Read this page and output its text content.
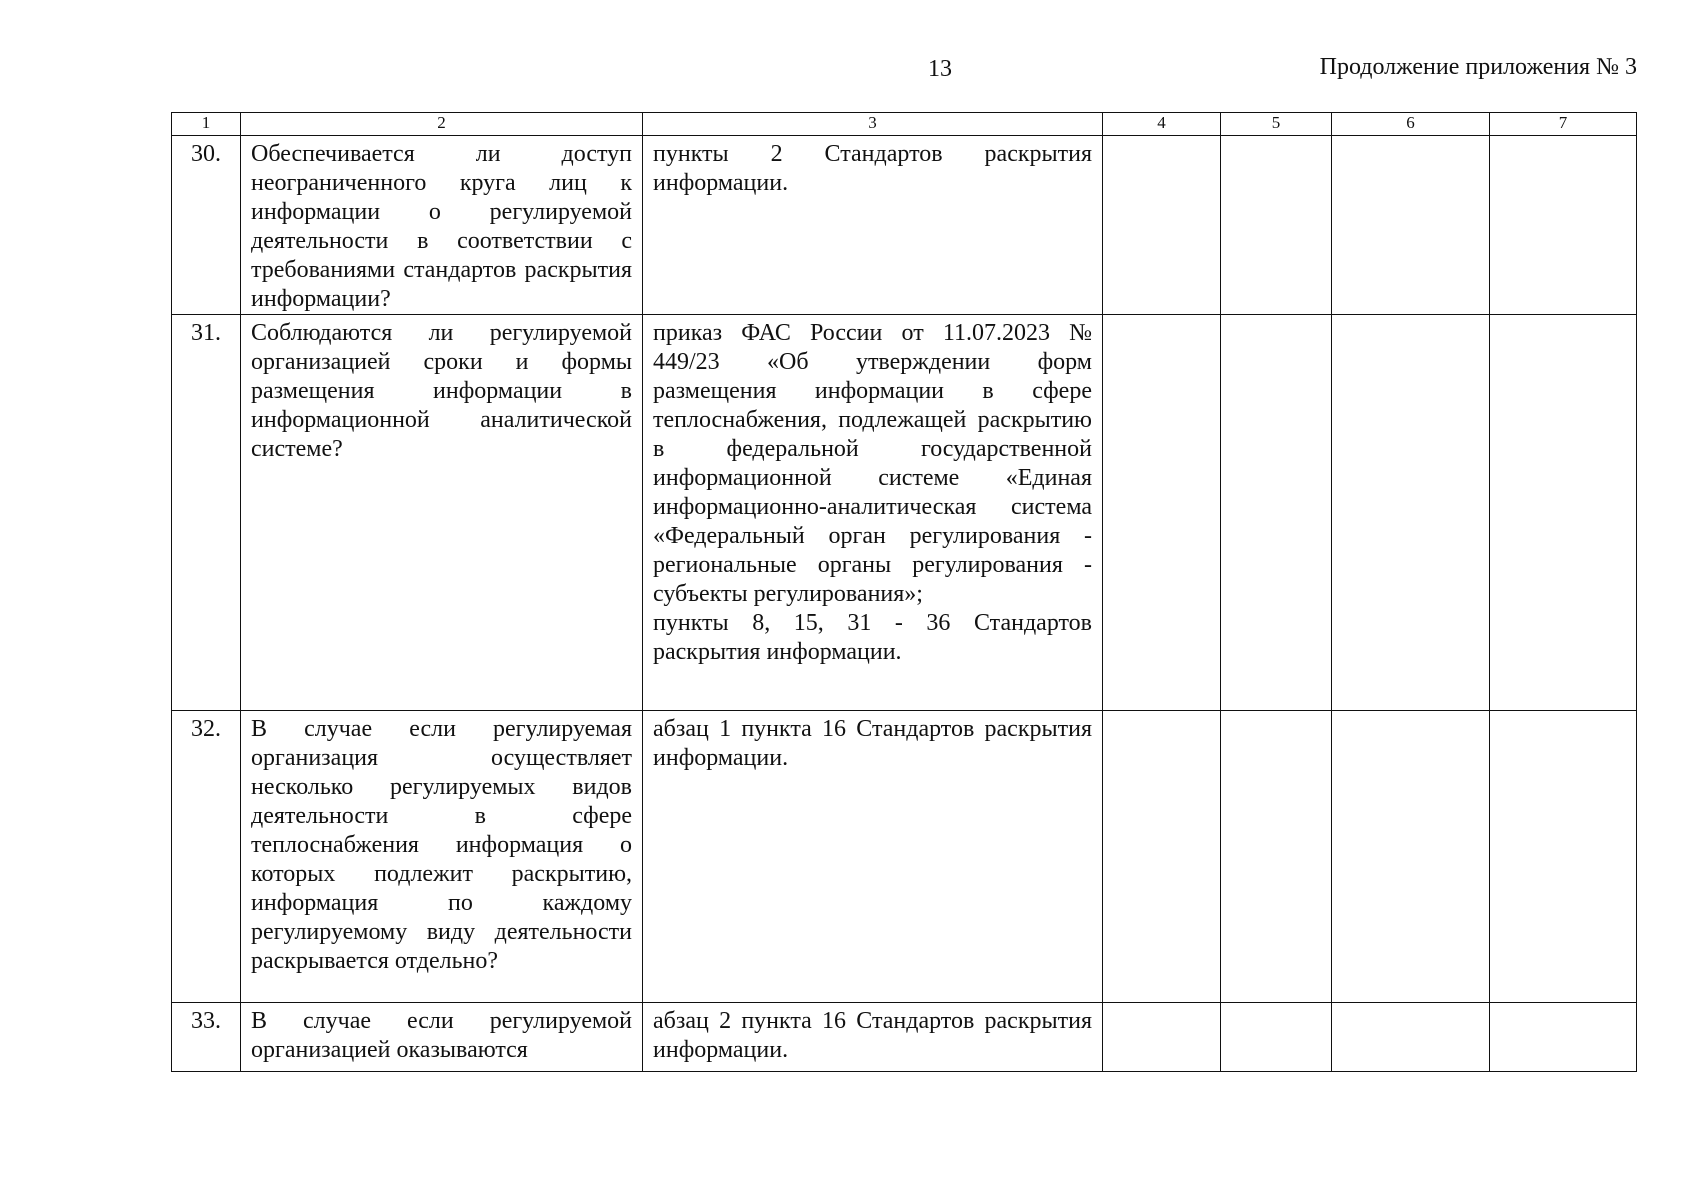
13	Продолжение приложения № 3
1	2	3	4	5	6	7
30.	Обеспечивается ли доступ неограниченного круга лиц к информации о регулируемой деятельности в соответствии с требованиями стандартов раскрытия информации?	пункты 2 Стандартов раскрытия информации.				
31.	Соблюдаются ли регулируемой организацией сроки и формы размещения информации в информационной аналитической системе?	приказ ФАС России от 11.07.2023 № 449/23 «Об утверждении форм размещения информации в сфере теплоснабжения, подлежащей раскрытию в федеральной государственной информационной системе «Единая информационно-аналитическая система «Федеральный орган регулирования - региональные органы регулирования - субъекты регулирования»;
пункты 8, 15, 31 - 36 Стандартов раскрытия информации.				

32.	В случае если регулируемая организация осуществляет несколько регулируемых видов деятельности в сфере теплоснабжения информация о которых подлежит раскрытию, информация по каждому регулируемому виду деятельности раскрывается отдельно?	абзац 1 пункта 16 Стандартов раскрытия информации.				
33.	В случае если регулируемой организацией оказываются	абзац 2 пункта 16 Стандартов раскрытия информации.				
